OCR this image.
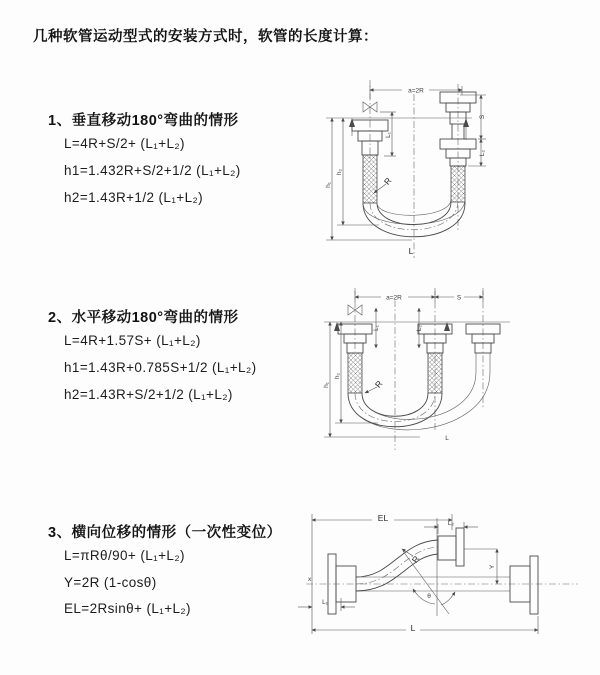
几种软管运动型式的安装方式时，软管的长度计算：
1、垂直移动180°弯曲的情形
L=4R+S/2+ (L₁+L₂)
h1=1.432R+S/2+1/2 (L₁+L₂)
h2=1.43R+1/2 (L₁+L₂)
a=2R
h₁
h₂
L₁
S
L₂
R
L
2、水平移动180°弯曲的情形
L=4R+1.57S+ (L₁+L₂)
h1=1.43R+0.785S+1/2 (L₁+L₂)
h2=1.43R+S/2+1/2 (L₁+L₂)
a=2R	S
h₁
h₂
L₁	L₂
R
L
3、横向位移的情形（一次性变位）
L=πRθ/90+ (L₁+L₂)
Y=2R (1-cosθ)
EL=2Rsinθ+ (L₁+L₂)
x
EL
L₂
Y
L₁
L
R
θ
